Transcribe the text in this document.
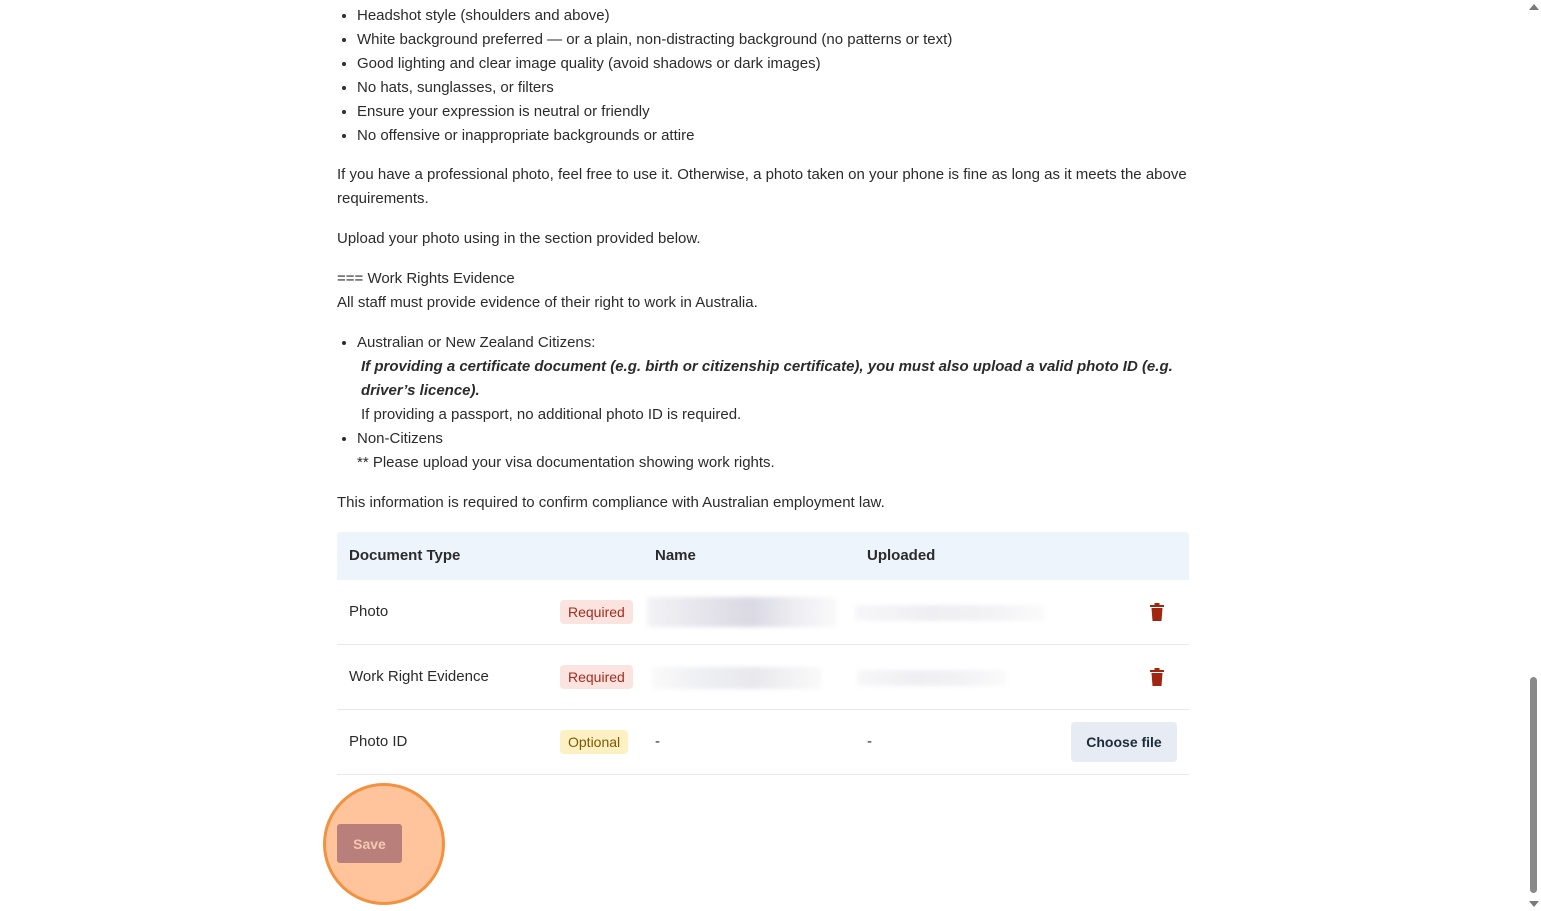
• Headshot style (shoulders and above)
• White background preferred — or a plain, non-distracting background (no patterns or text)
• Good lighting and clear image quality (avoid shadows or dark images)
• No hats, sunglasses, or filters
• Ensure your expression is neutral or friendly
• No offensive or inappropriate backgrounds or attire

If you have a professional photo, feel free to use it. Otherwise, a photo taken on your phone is fine as long as it meets the above requirements.

Upload your photo using in the section provided below.

=== Work Rights Evidence
All staff must provide evidence of their right to work in Australia.
• Australian or New Zealand Citizens:
If providing a certificate document (e.g. birth or citizenship certificate), you must also upload a valid photo ID (e.g. driver’s licence).
If providing a passport, no additional photo ID is required.
• Non-Citizens
** Please upload your visa documentation showing work rights.

This information is required to confirm compliance with Australian employment law.

Document Type	Name	Uploaded
Photo	Required
Work Right Evidence	Required
Photo ID	Optional	-	-	Choose file
Save
